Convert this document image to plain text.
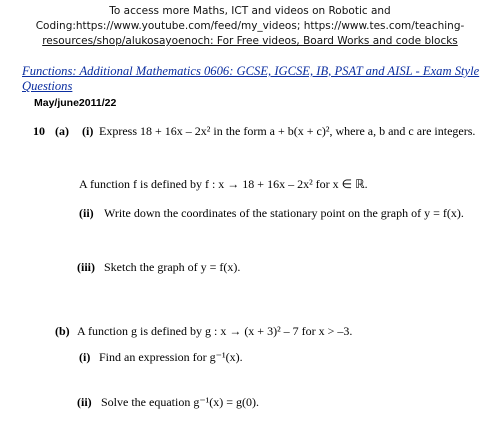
To access more Maths, ICT and videos on Robotic and
Coding:https://www.youtube.com/feed/my_videos; https://www.tes.com/teaching-
resources/shop/alukosayoenoch: For Free videos, Board Works and code blocks
Functions: Additional Mathematics 0606: GCSE, IGCSE, IB, PSAT and AISL - Exam Style
Questions
May/june2011/22
10 (a) (i) Express 18 + 16x – 2x² in the form a + b(x + c)², where a, b and c are integers.
A function f is defined by f : x → 18 + 16x – 2x² for x ∈ ℝ.
(ii) Write down the coordinates of the stationary point on the graph of y = f(x).
(iii) Sketch the graph of y = f(x).
(b) A function g is defined by g : x → (x + 3)² – 7 for x > –3.
(i) Find an expression for g⁻¹(x).
(ii) Solve the equation g⁻¹(x) = g(0).
